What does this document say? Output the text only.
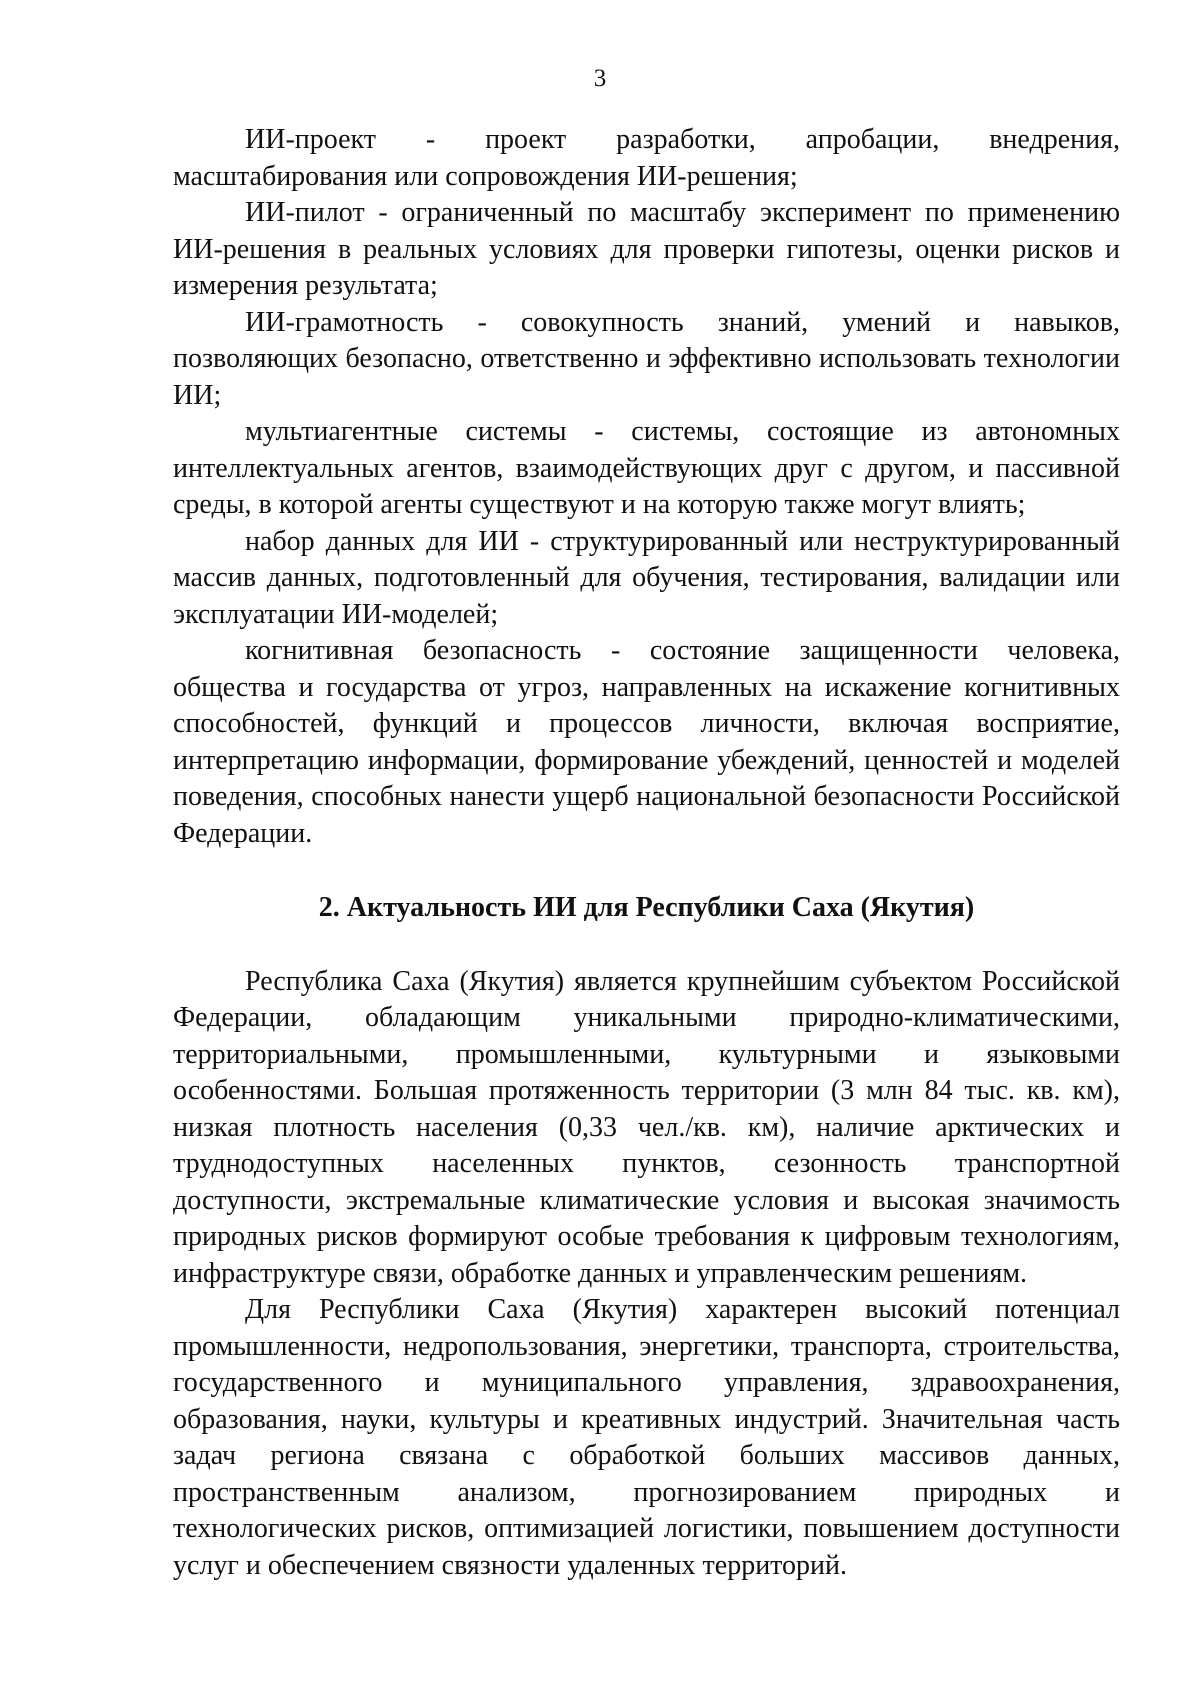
3

ИИ-проект - проект разработки, апробации, внедрения, масштабирования или сопровождения ИИ-решения;

ИИ-пилот - ограниченный по масштабу эксперимент по применению ИИ-решения в реальных условиях для проверки гипотезы, оценки рисков и измерения результата;

ИИ-грамотность - совокупность знаний, умений и навыков, позволяющих безопасно, ответственно и эффективно использовать технологии ИИ;

мультиагентные системы - системы, состоящие из автономных интеллектуальных агентов, взаимодействующих друг с другом, и пассивной среды, в которой агенты существуют и на которую также могут влиять;

набор данных для ИИ - структурированный или неструктурированный массив данных, подготовленный для обучения, тестирования, валидации или эксплуатации ИИ-моделей;

когнитивная безопасность - состояние защищенности человека, общества и государства от угроз, направленных на искажение когнитивных способностей, функций и процессов личности, включая восприятие, интерпретацию информации, формирование убеждений, ценностей и моделей поведения, способных нанести ущерб национальной безопасности Российской Федерации.

2. Актуальность ИИ для Республики Саха (Якутия)

Республика Саха (Якутия) является крупнейшим субъектом Российской Федерации, обладающим уникальными природно-климатическими, территориальными, промышленными, культурными и языковыми особенностями. Большая протяженность территории (3 млн 84 тыс. кв. км), низкая плотность населения (0,33 чел./кв. км), наличие арктических и труднодоступных населенных пунктов, сезонность транспортной доступности, экстремальные климатические условия и высокая значимость природных рисков формируют особые требования к цифровым технологиям, инфраструктуре связи, обработке данных и управленческим решениям.

Для Республики Саха (Якутия) характерен высокий потенциал промышленности, недропользования, энергетики, транспорта, строительства, государственного и муниципального управления, здравоохранения, образования, науки, культуры и креативных индустрий. Значительная часть задач региона связана с обработкой больших массивов данных, пространственным анализом, прогнозированием природных и технологических рисков, оптимизацией логистики, повышением доступности услуг и обеспечением связности удаленных территорий.
